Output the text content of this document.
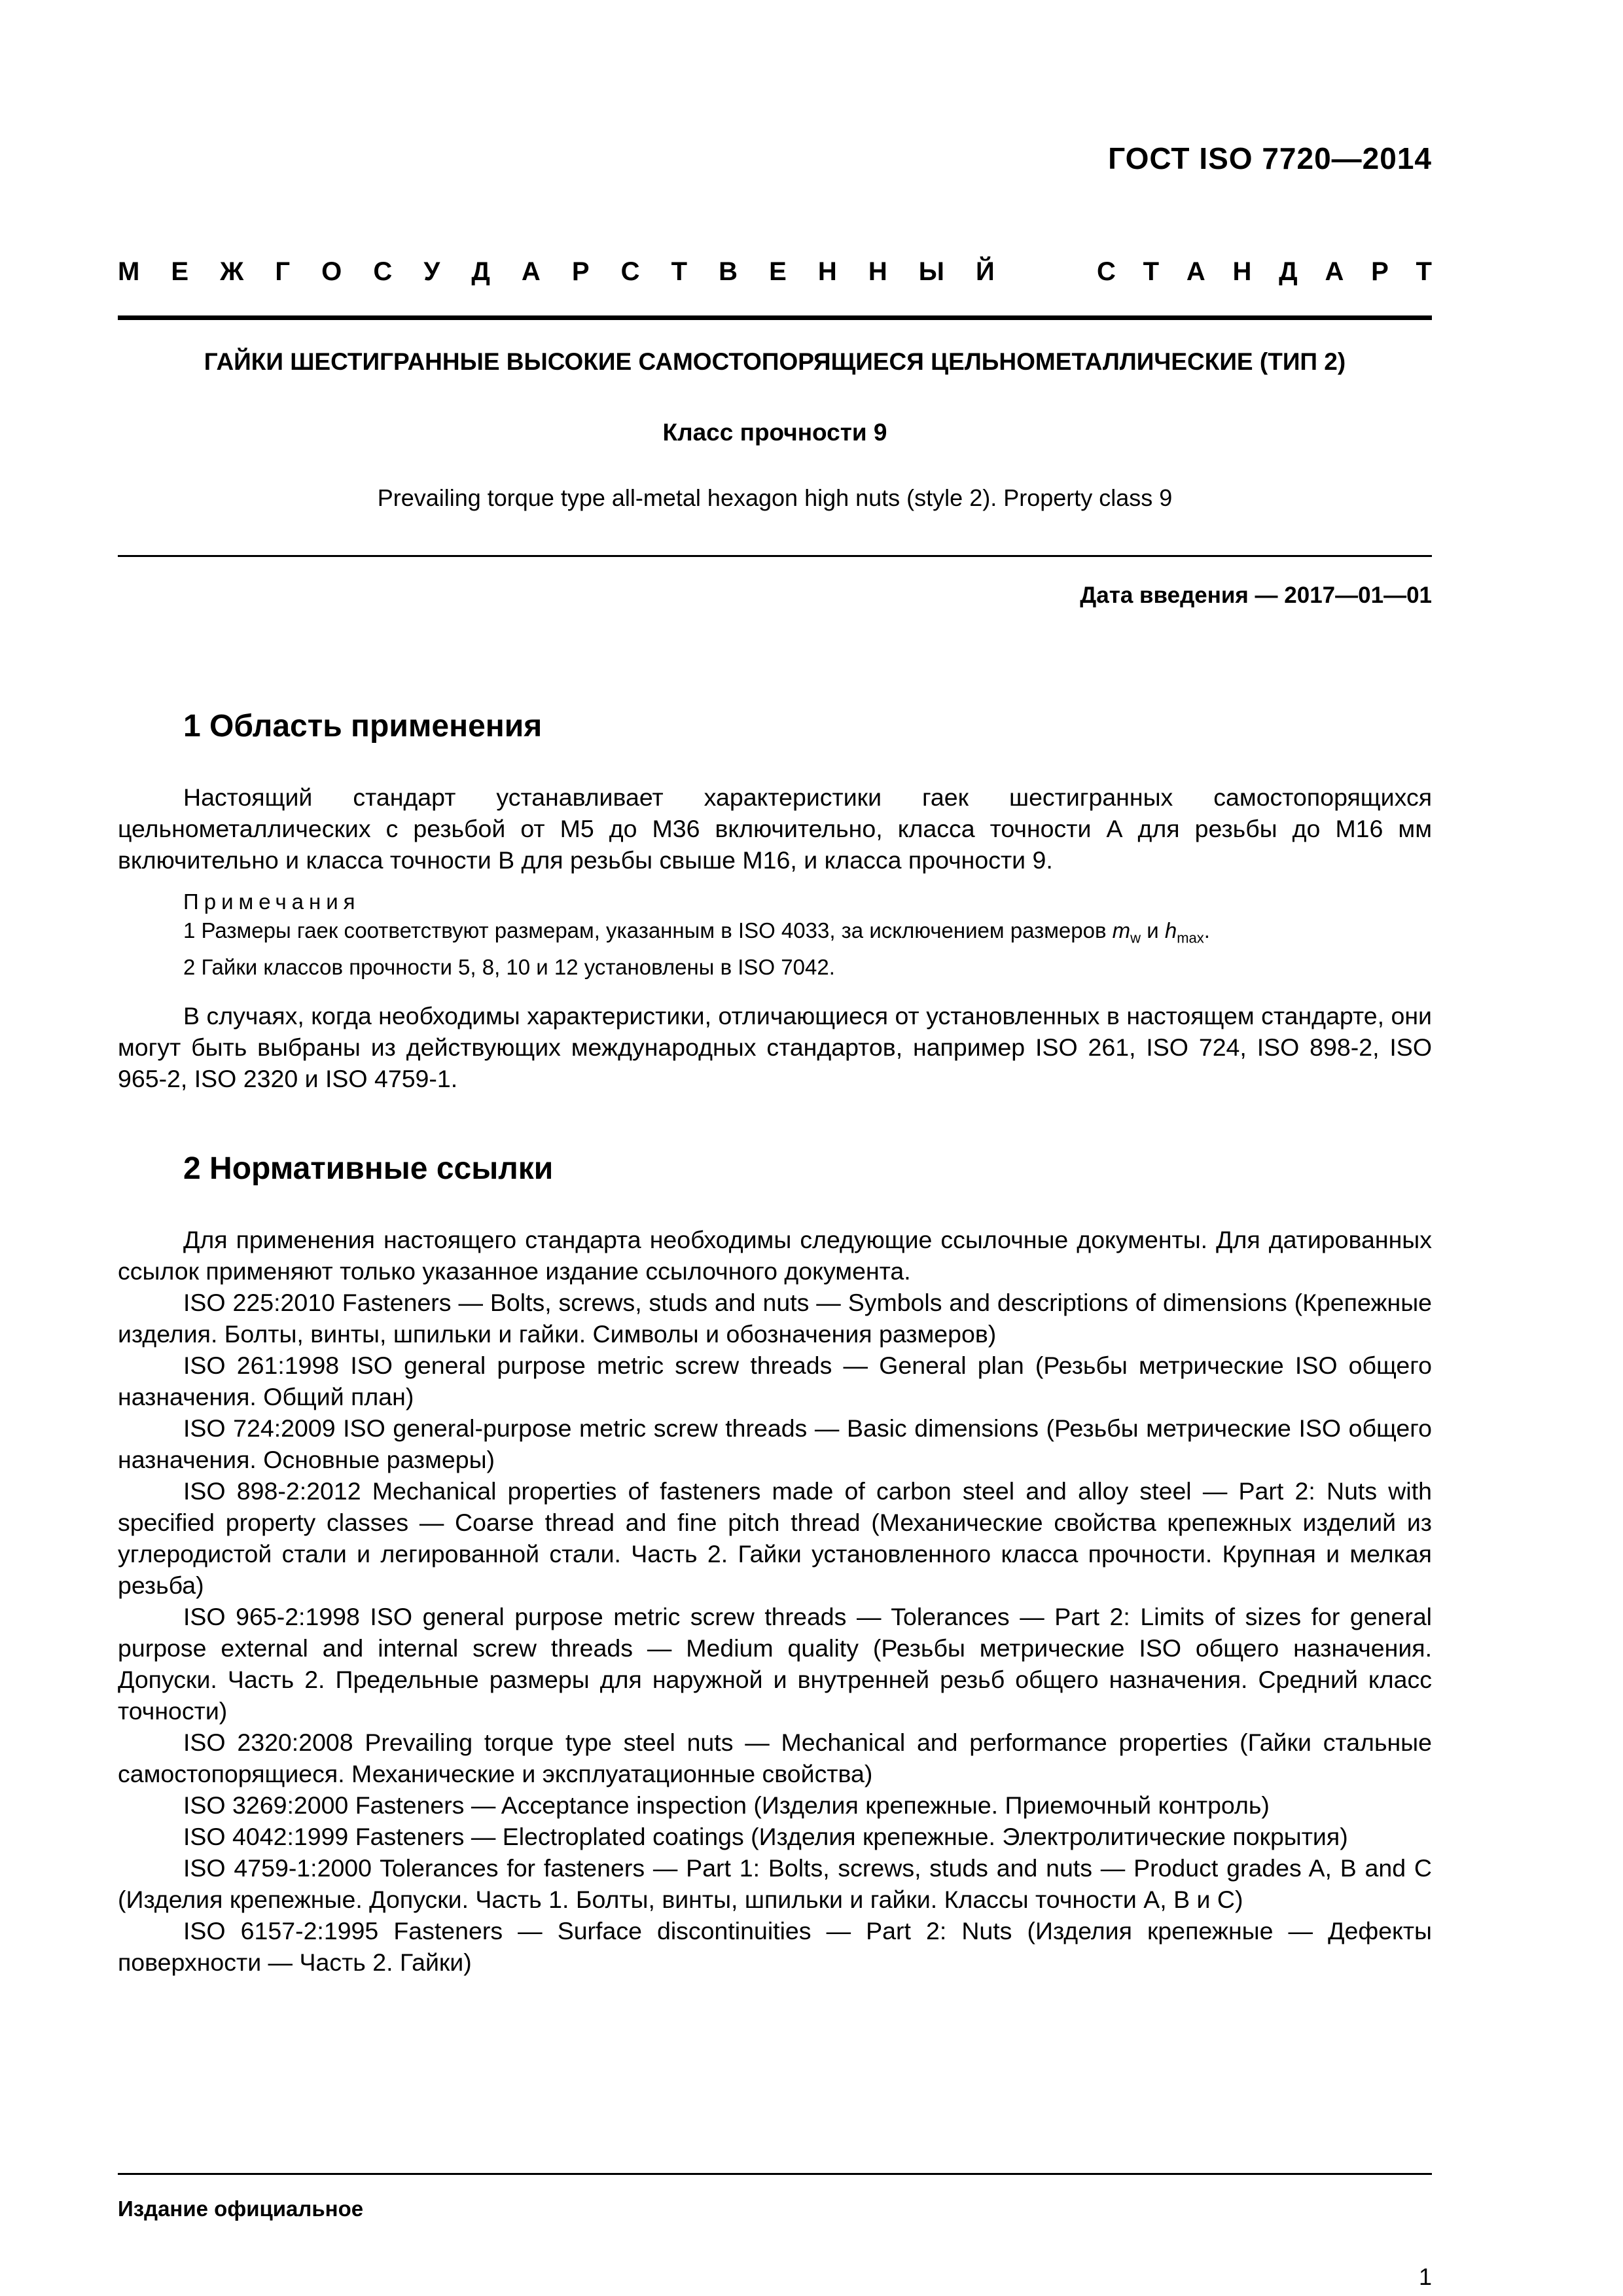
ГОСТ ISO 7720—2014
М Е Ж Г О С У Д А Р С Т В Е Н Н Ы Й	С Т А Н Д А Р Т
ГАЙКИ ШЕСТИГРАННЫЕ ВЫСОКИЕ САМОСТОПОРЯЩИЕСЯ ЦЕЛЬНОМЕТАЛЛИЧЕСКИЕ (ТИП 2)
Класс прочности 9
Prevailing torque type all-metal hexagon high nuts (style 2). Property class 9
Дата введения — 2017—01—01
1 Область применения

Настоящий стандарт устанавливает характеристики гаек шестигранных самостопорящихся цельнометаллических с резьбой от М5 до М36 включительно, класса точности А для резьбы до М16 мм включительно и класса точности В для резьбы свыше М16, и класса прочности 9.

Примечания
1 Размеры гаек соответствуют размерам, указанным в ISO 4033, за исключением размеров $m_w$ и $h_{max}$.
2 Гайки классов прочности 5, 8, 10 и 12 установлены в ISO 7042.

В случаях, когда необходимы характеристики, отличающиеся от установленных в настоящем стандарте, они могут быть выбраны из действующих международных стандартов, например ISO 261, ISO 724, ISO 898-2, ISO 965-2, ISO 2320 и ISO 4759-1.

2 Нормативные ссылки

Для применения настоящего стандарта необходимы следующие ссылочные документы. Для датированных ссылок применяют только указанное издание ссылочного документа.

ISO 225:2010 Fasteners — Bolts, screws, studs and nuts — Symbols and descriptions of dimensions (Крепежные изделия. Болты, винты, шпильки и гайки. Символы и обозначения размеров)
ISO 261:1998 ISO general purpose metric screw threads — General plan (Резьбы метрические ISO общего назначения. Общий план)
ISO 724:2009 ISO general-purpose metric screw threads — Basic dimensions (Резьбы метрические ISO общего назначения. Основные размеры)
ISO 898-2:2012 Mechanical properties of fasteners made of carbon steel and alloy steel — Part 2: Nuts with specified property classes — Coarse thread and fine pitch thread (Механические свойства крепежных изделий из углеродистой стали и легированной стали. Часть 2. Гайки установленного класса прочности. Крупная и мелкая резьба)
ISO 965-2:1998 ISO general purpose metric screw threads — Tolerances — Part 2: Limits of sizes for general purpose external and internal screw threads — Medium quality (Резьбы метрические ISO общего назначения. Допуски. Часть 2. Предельные размеры для наружной и внутренней резьб общего назначения. Средний класс точности)
ISO 2320:2008 Prevailing torque type steel nuts — Mechanical and performance properties (Гайки стальные самостопорящиеся. Механические и эксплуатационные свойства)
ISO 3269:2000 Fasteners — Acceptance inspection (Изделия крепежные. Приемочный контроль)
ISO 4042:1999 Fasteners — Electroplated coatings (Изделия крепежные. Электролитические покрытия)
ISO 4759-1:2000 Tolerances for fasteners — Part 1: Bolts, screws, studs and nuts — Product grades A, B and C (Изделия крепежные. Допуски. Часть 1. Болты, винты, шпильки и гайки. Классы точности А, В и С)
ISO 6157-2:1995 Fasteners — Surface discontinuities — Part 2: Nuts (Изделия крепежные — Дефекты поверхности — Часть 2. Гайки)
Издание официальное
1
